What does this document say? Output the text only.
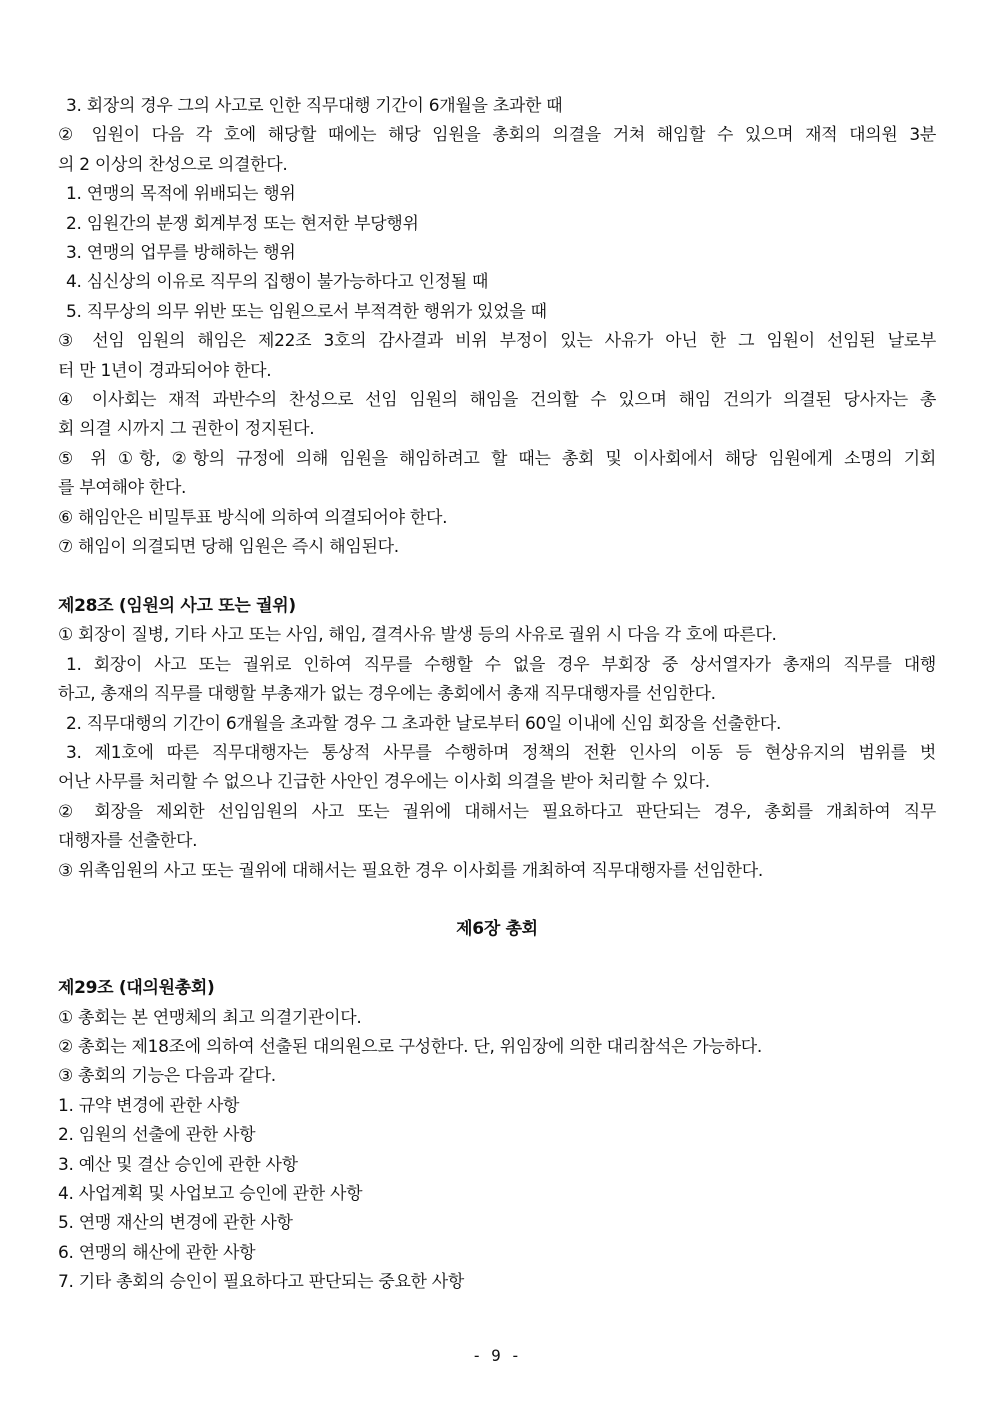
3. 회장의 경우 그의 사고로 인한 직무대행 기간이 6개월을 초과한 때
② 임원이 다음 각 호에 해당할 때에는 해당 임원을 총회의 의결을 거쳐 해임할 수 있으며 재적 대의원 3분
의 2 이상의 찬성으로 의결한다.
1. 연맹의 목적에 위배되는 행위
2. 임원간의 분쟁 회계부정 또는 현저한 부당행위
3. 연맹의 업무를 방해하는 행위
4. 심신상의 이유로 직무의 집행이 불가능하다고 인정될 때
5. 직무상의 의무 위반 또는 임원으로서 부적격한 행위가 있었을 때
③ 선임 임원의 해임은 제22조 3호의 감사결과 비위 부정이 있는 사유가 아닌 한 그 임원이 선임된 날로부
터 만 1년이 경과되어야 한다.
④ 이사회는 재적 과반수의 찬성으로 선임 임원의 해임을 건의할 수 있으며 해임 건의가 의결된 당사자는 총
회 의결 시까지 그 권한이 정지된다.
⑤ 위 ①항, ②항의 규정에 의해 임원을 해임하려고 할 때는 총회 및 이사회에서 해당 임원에게 소명의 기회
를 부여해야 한다.
⑥ 해임안은 비밀투표 방식에 의하여 의결되어야 한다.
⑦ 해임이 의결되면 당해 임원은 즉시 해임된다.
제28조 (임원의 사고 또는 궐위)
① 회장이 질병, 기타 사고 또는 사임, 해임, 결격사유 발생 등의 사유로 궐위 시 다음 각 호에 따른다.
1. 회장이 사고 또는 궐위로 인하여 직무를 수행할 수 없을 경우 부회장 중 상서열자가 총재의 직무를 대행
하고, 총재의 직무를 대행할 부총재가 없는 경우에는 총회에서 총재 직무대행자를 선임한다.
2. 직무대행의 기간이 6개월을 초과할 경우 그 초과한 날로부터 60일 이내에 신임 회장을 선출한다.
3. 제1호에 따른 직무대행자는 통상적 사무를 수행하며 정책의 전환 인사의 이동 등 현상유지의 범위를 벗
어난 사무를 처리할 수 없으나 긴급한 사안인 경우에는 이사회 의결을 받아 처리할 수 있다.
② 회장을 제외한 선임임원의 사고 또는 궐위에 대해서는 필요하다고 판단되는 경우, 총회를 개최하여 직무
대행자를 선출한다.
③ 위촉임원의 사고 또는 궐위에 대해서는 필요한 경우 이사회를 개최하여 직무대행자를 선임한다.
제6장 총회
제29조 (대의원총회)
① 총회는 본 연맹체의 최고 의결기관이다.
② 총회는 제18조에 의하여 선출된 대의원으로 구성한다. 단, 위임장에 의한 대리참석은 가능하다.
③ 총회의 기능은 다음과 같다.
1. 규약 변경에 관한 사항
2. 임원의 선출에 관한 사항
3. 예산 및 결산 승인에 관한 사항
4. 사업계획 및 사업보고 승인에 관한 사항
5. 연맹 재산의 변경에 관한 사항
6. 연맹의 해산에 관한 사항
7. 기타 총회의 승인이 필요하다고 판단되는 중요한 사항
- 9 -
